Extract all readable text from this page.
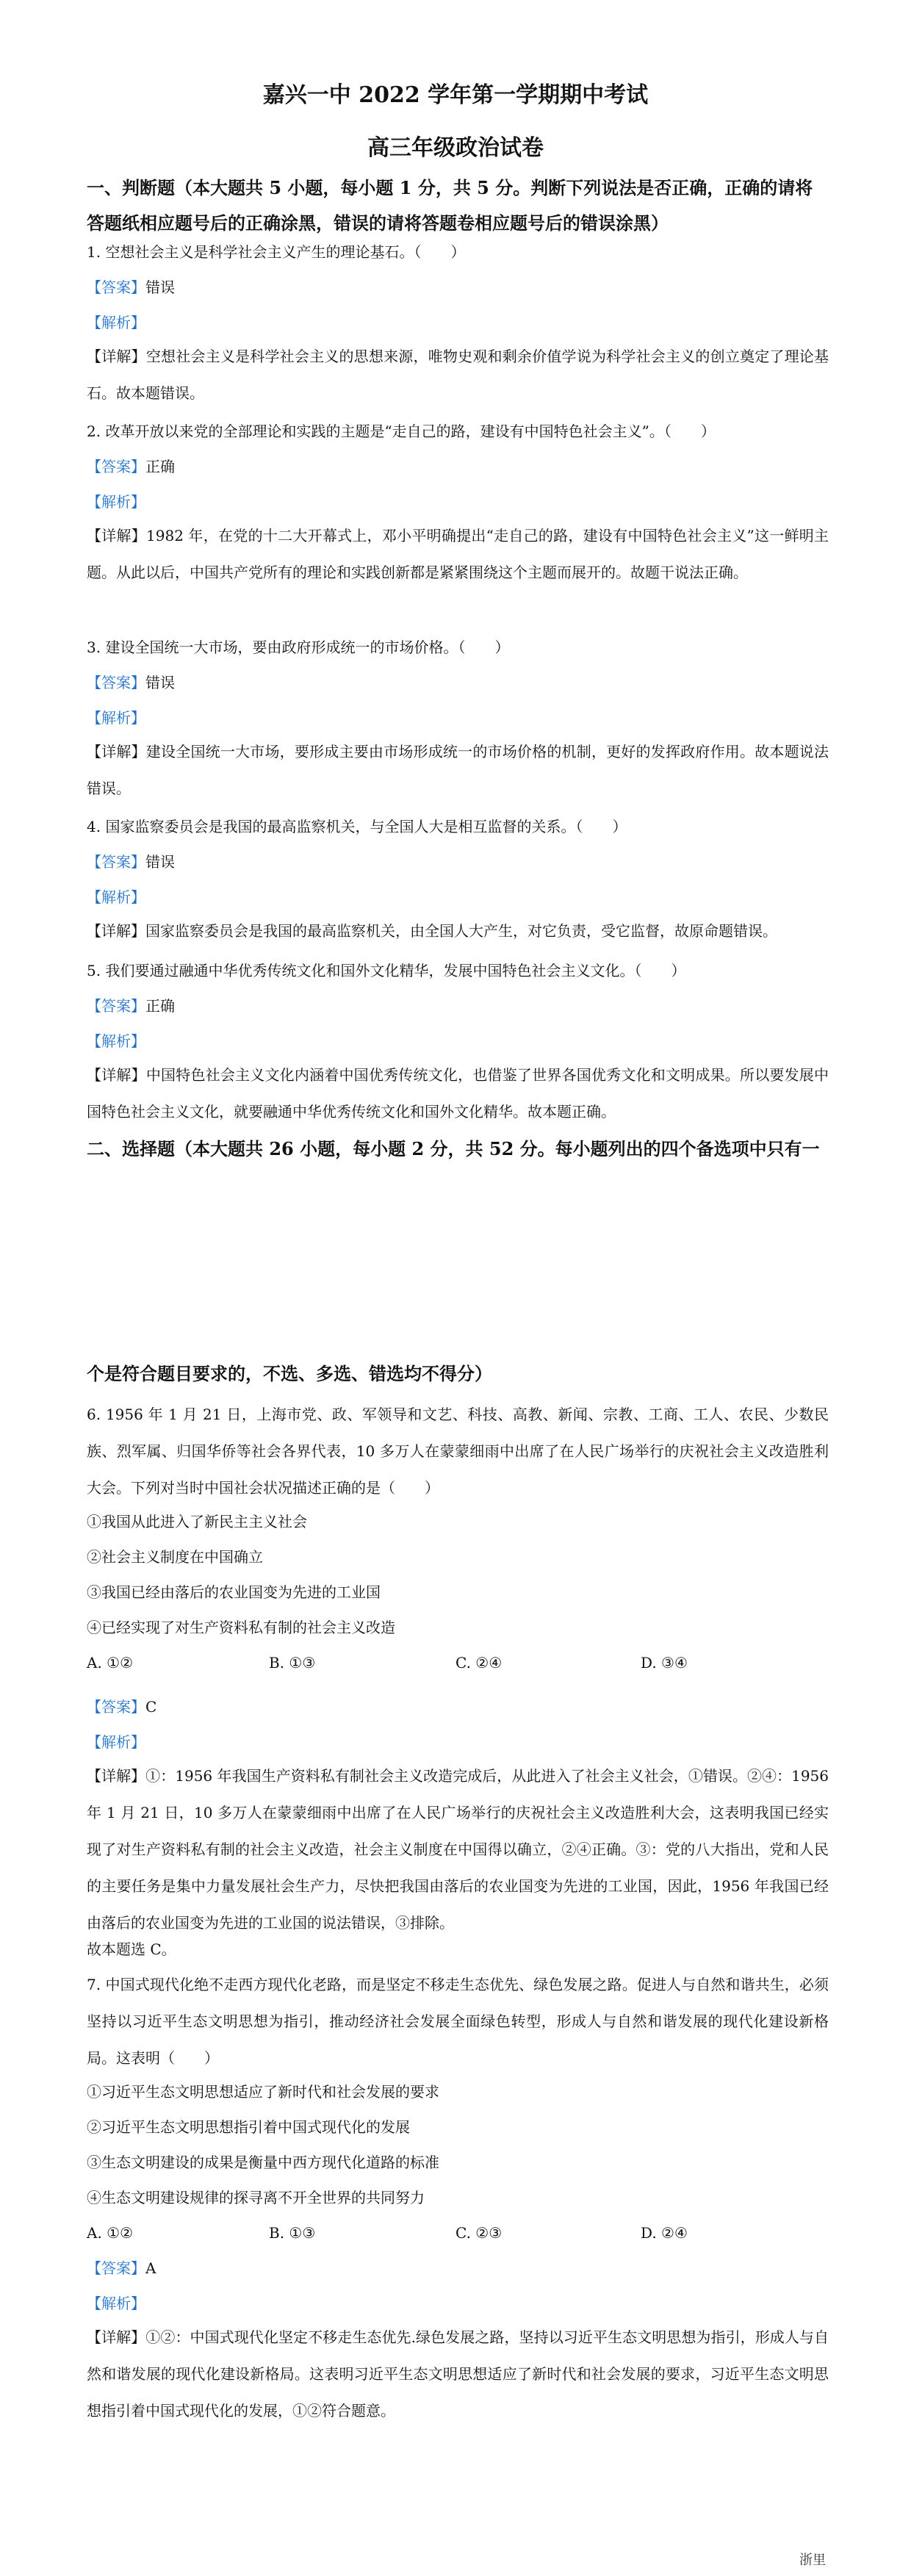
嘉兴一中 2022 学年第一学期期中考试
高三年级政治试卷
一、判断题（本大题共 5 小题，每小题 1 分，共 5 分。判断下列说法是否正确，正确的请将答题纸相应题号后的正确涂黑，错误的请将答题卷相应题号后的错误涂黑）
1. 空想社会主义是科学社会主义产生的理论基石。（　　）
【答案】错误
【解析】
【详解】空想社会主义是科学社会主义的思想来源，唯物史观和剩余价值学说为科学社会主义的创立奠定了理论基石。故本题错误。
2. 改革开放以来党的全部理论和实践的主题是“走自己的路，建设有中国特色社会主义”。（　　）
【答案】正确
【解析】
【详解】1982 年，在党的十二大开幕式上，邓小平明确提出“走自己的路，建设有中国特色社会主义”这一鲜明主题。从此以后，中国共产党所有的理论和实践创新都是紧紧围绕这个主题而展开的。故题干说法正确。
3. 建设全国统一大市场，要由政府形成统一的市场价格。（　　）
【答案】错误
【解析】
【详解】建设全国统一大市场，要形成主要由市场形成统一的市场价格的机制，更好的发挥政府作用。故本题说法错误。
4. 国家监察委员会是我国的最高监察机关，与全国人大是相互监督的关系。（　　）
【答案】错误
【解析】
【详解】国家监察委员会是我国的最高监察机关，由全国人大产生，对它负责，受它监督，故原命题错误。
5. 我们要通过融通中华优秀传统文化和国外文化精华，发展中国特色社会主义文化。（　　）
【答案】正确
【解析】
【详解】中国特色社会主义文化内涵着中国优秀传统文化，也借鉴了世界各国优秀文化和文明成果。所以要发展中国特色社会主义文化，就要融通中华优秀传统文化和国外文化精华。故本题正确。
二、选择题（本大题共 26 小题，每小题 2 分，共 52 分。每小题列出的四个备选项中只有一
个是符合题目要求的，不选、多选、错选均不得分）
6. 1956 年 1 月 21 日，上海市党、政、军领导和文艺、科技、高教、新闻、宗教、工商、工人、农民、少数民族、烈军属、归国华侨等社会各界代表，10 多万人在蒙蒙细雨中出席了在人民广场举行的庆祝社会主义改造胜利大会。下列对当时中国社会状况描述正确的是（　　）
①我国从此进入了新民主主义社会
②社会主义制度在中国确立
③我国已经由落后的农业国变为先进的工业国
④已经实现了对生产资料私有制的社会主义改造
A. ①②	B. ①③	C. ②④	D. ③④
【答案】C
【解析】
【详解】①：1956 年我国生产资料私有制社会主义改造完成后，从此进入了社会主义社会，①错误。②④：1956 年 1 月 21 日，10 多万人在蒙蒙细雨中出席了在人民广场举行的庆祝社会主义改造胜利大会，这表明我国已经实现了对生产资料私有制的社会主义改造，社会主义制度在中国得以确立，②④正确。③：党的八大指出，党和人民的主要任务是集中力量发展社会生产力，尽快把我国由落后的农业国变为先进的工业国，因此，1956 年我国已经由落后的农业国变为先进的工业国的说法错误，③排除。
故本题选 C。
7. 中国式现代化绝不走西方现代化老路，而是坚定不移走生态优先、绿色发展之路。促进人与自然和谐共生，必须坚持以习近平生态文明思想为指引，推动经济社会发展全面绿色转型，形成人与自然和谐发展的现代化建设新格局。这表明（　　）
①习近平生态文明思想适应了新时代和社会发展的要求
②习近平生态文明思想指引着中国式现代化的发展
③生态文明建设的成果是衡量中西方现代化道路的标准
④生态文明建设规律的探寻离不开全世界的共同努力
A. ①②	B. ①③	C. ②③	D. ②④
【答案】A
【解析】
【详解】①②：中国式现代化坚定不移走生态优先.绿色发展之路，坚持以习近平生态文明思想为指引，形成人与自然和谐发展的现代化建设新格局。这表明习近平生态文明思想适应了新时代和社会发展的要求，习近平生态文明思想指引着中国式现代化的发展，①②符合题意。
浙里
